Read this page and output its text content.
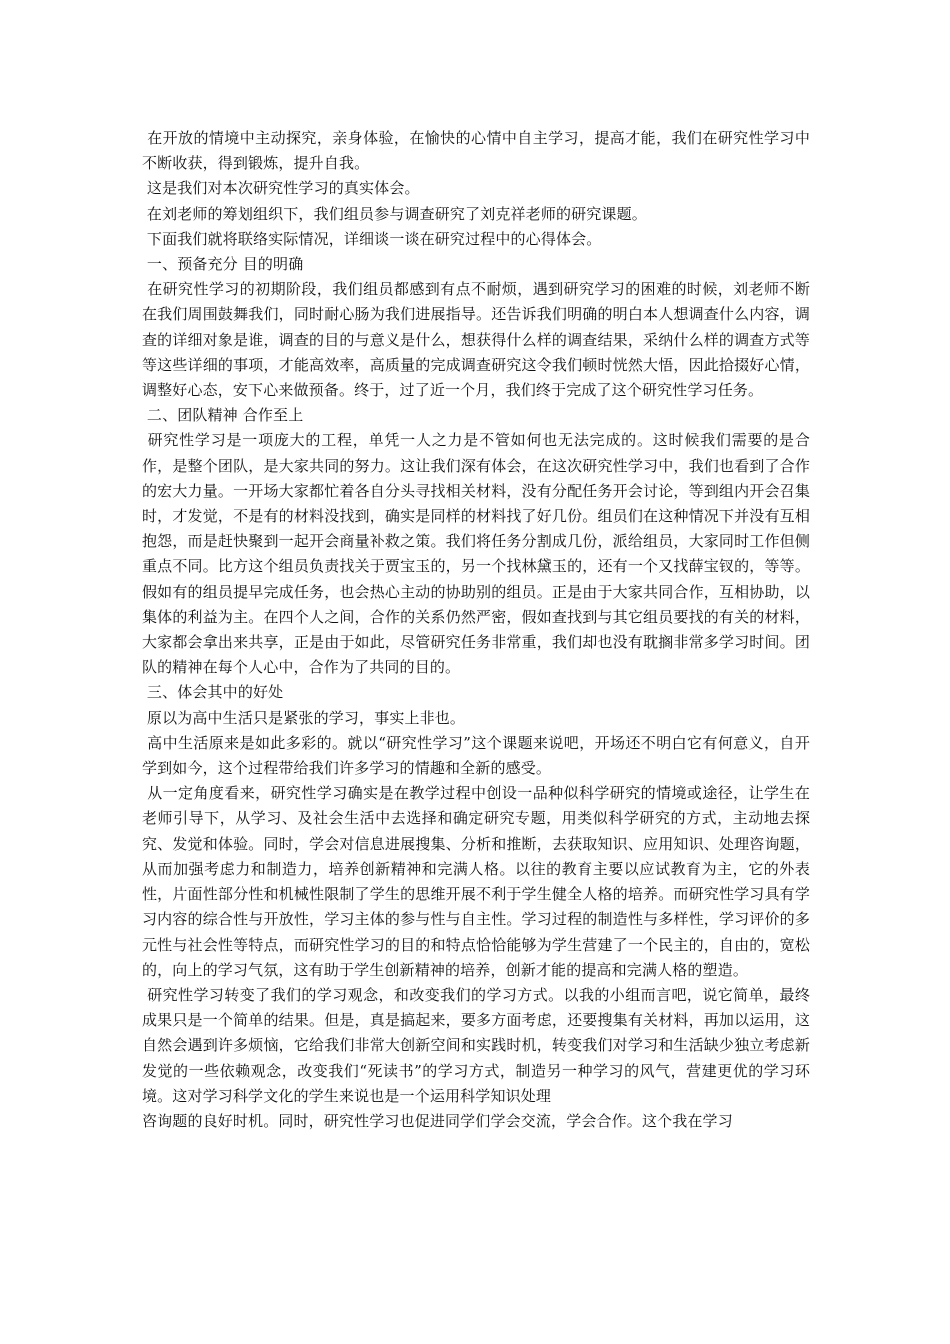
在开放的情境中主动探究，亲身体验，在愉快的心情中自主学习，提高才能，我们在研究性学习中不断收获，得到锻炼，提升自我。

这是我们对本次研究性学习的真实体会。

在刘老师的筹划组织下，我们组员参与调查研究了刘克祥老师的研究课题。

下面我们就将联络实际情况，详细谈一谈在研究过程中的心得体会。

一、预备充分 目的明确

在研究性学习的初期阶段，我们组员都感到有点不耐烦，遇到研究学习的困难的时候，刘老师不断在我们周围鼓舞我们，同时耐心肠为我们进展指导。还告诉我们明确的明白本人想调查什么内容，调查的详细对象是谁，调查的目的与意义是什么，想获得什么样的调查结果，采纳什么样的调查方式等等这些详细的事项，才能高效率，高质量的完成调查研究这令我们顿时恍然大悟，因此拾掇好心情，调整好心态，安下心来做预备。终于，过了近一个月，我们终于完成了这个研究性学习任务。

二、团队精神 合作至上

研究性学习是一项庞大的工程，单凭一人之力是不管如何也无法完成的。这时候我们需要的是合作，是整个团队，是大家共同的努力。这让我们深有体会，在这次研究性学习中，我们也看到了合作的宏大力量。一开场大家都忙着各自分头寻找相关材料，没有分配任务开会讨论，等到组内开会召集时，才发觉，不是有的材料没找到，确实是同样的材料找了好几份。组员们在这种情况下并没有互相抱怨，而是赶快聚到一起开会商量补救之策。我们将任务分割成几份，派给组员，大家同时工作但侧重点不同。比方这个组员负责找关于贾宝玉的，另一个找林黛玉的，还有一个又找薛宝钗的，等等。假如有的组员提早完成任务，也会热心主动的协助别的组员。正是由于大家共同合作，互相协助，以集体的利益为主。在四个人之间，合作的关系仍然严密，假如查找到与其它组员要找的有关的材料，大家都会拿出来共享，正是由于如此，尽管研究任务非常重，我们却也没有耽搁非常多学习时间。团队的精神在每个人心中，合作为了共同的目的。

三、体会其中的好处

原以为高中生活只是紧张的学习，事实上非也。

高中生活原来是如此多彩的。就以“研究性学习”这个课题来说吧，开场还不明白它有何意义，自开学到如今，这个过程带给我们许多学习的情趣和全新的感受。

从一定角度看来，研究性学习确实是在教学过程中创设一品种似科学研究的情境或途径，让学生在老师引导下，从学习、及社会生活中去选择和确定研究专题，用类似科学研究的方式，主动地去探究、发觉和体验。同时，学会对信息进展搜集、分析和推断，去获取知识、应用知识、处理咨询题，从而加强考虑力和制造力，培养创新精神和完满人格。以往的教育主要以应试教育为主，它的外表性，片面性部分性和机械性限制了学生的思维开展不利于学生健全人格的培养。而研究性学习具有学习内容的综合性与开放性，学习主体的参与性与自主性。学习过程的制造性与多样性，学习评价的多元性与社会性等特点，而研究性学习的目的和特点恰恰能够为学生营建了一个民主的，自由的，宽松的，向上的学习气氛，这有助于学生创新精神的培养，创新才能的提高和完满人格的塑造。

研究性学习转变了我们的学习观念，和改变我们的学习方式。以我的小组而言吧，说它简单，最终成果只是一个简单的结果。但是，真是搞起来，要多方面考虑，还要搜集有关材料，再加以运用，这自然会遇到许多烦恼，它给我们非常大创新空间和实践时机，转变我们对学习和生活缺少独立考虑新发觉的一些依赖观念，改变我们“死读书”的学习方式，制造另一种学习的风气，营建更优的学习环境。这对学习科学文化的学生来说也是一个运用科学知识处理

咨询题的良好时机。同时，研究性学习也促进同学们学会交流，学会合作。这个我在学习
